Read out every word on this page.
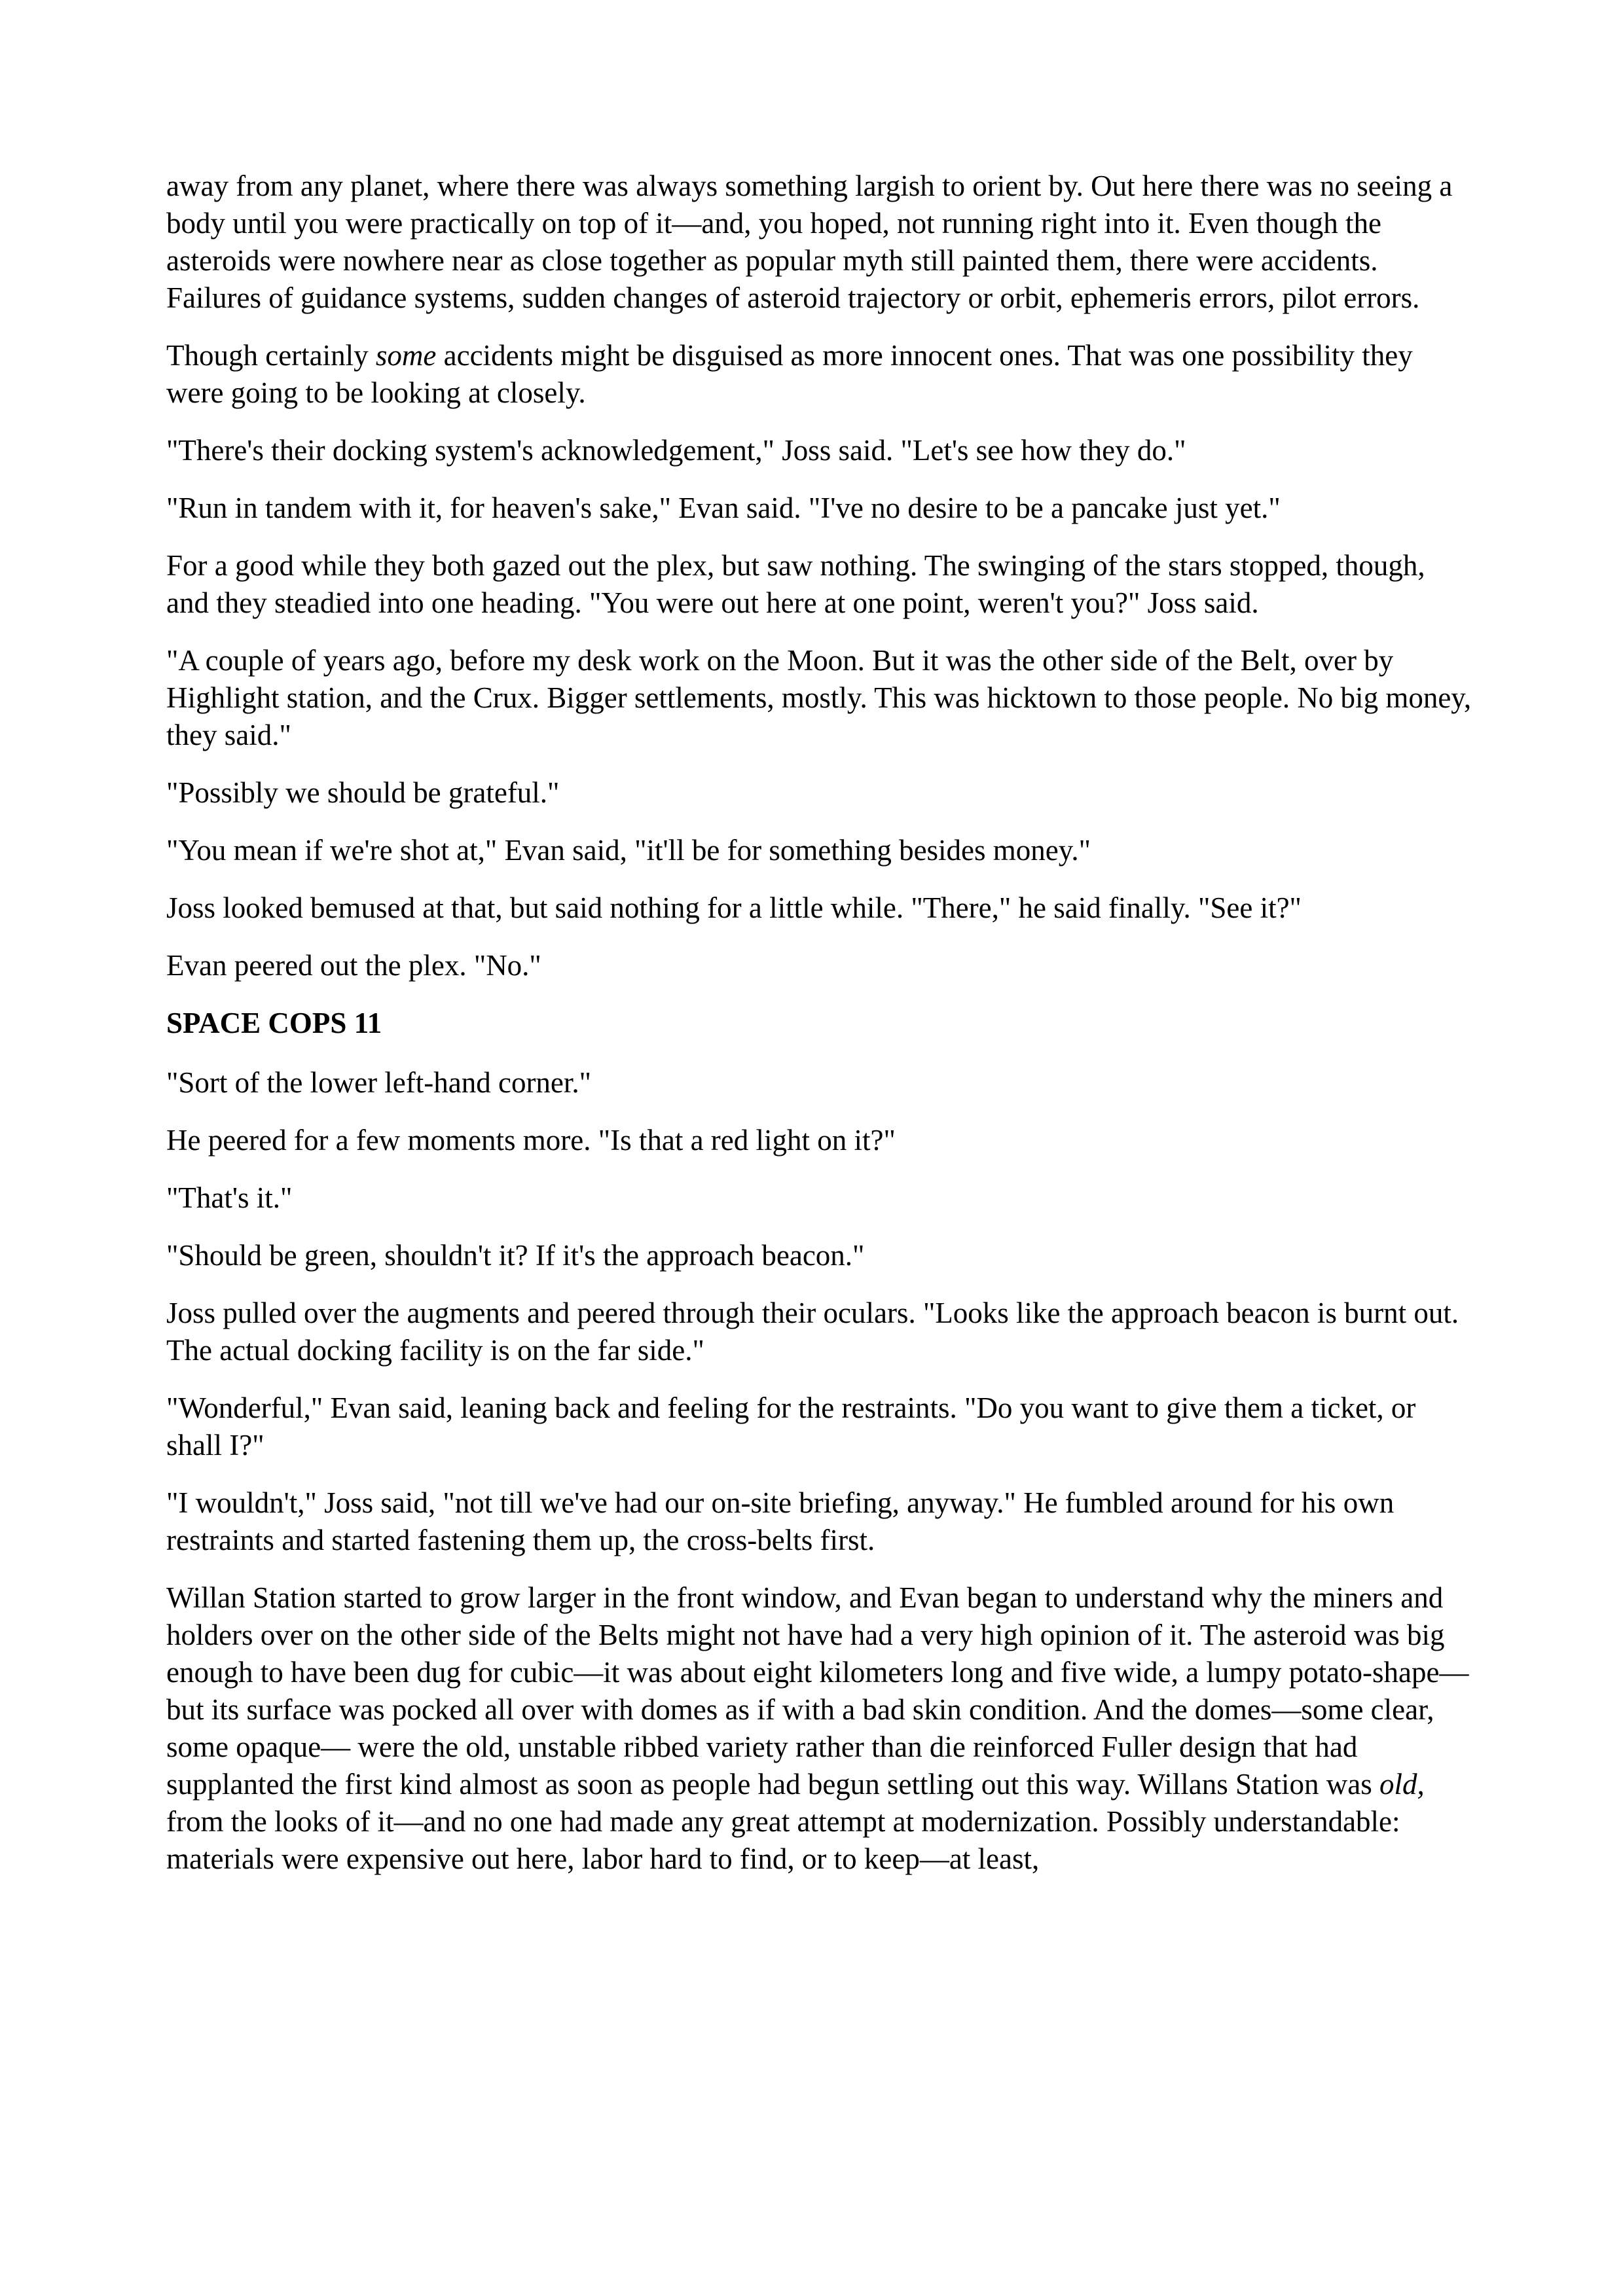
away from any planet, where there was always something largish to orient by. Out here there was no seeing a body until you were practically on top of it—and, you hoped, not running right into it. Even though the asteroids were nowhere near as close together as popular myth still painted them, there were accidents. Failures of guidance systems, sudden changes of asteroid trajectory or orbit, ephemeris errors, pilot errors.

Though certainly some accidents might be disguised as more innocent ones. That was one possibility they were going to be looking at closely.

"There's their docking system's acknowledgement," Joss said. "Let's see how they do."

"Run in tandem with it, for heaven's sake," Evan said. "I've no desire to be a pancake just yet."

For a good while they both gazed out the plex, but saw nothing. The swinging of the stars stopped, though, and they steadied into one heading. "You were out here at one point, weren't you?" Joss said.

"A couple of years ago, before my desk work on the Moon. But it was the other side of the Belt, over by Highlight station, and the Crux. Bigger settlements, mostly. This was hicktown to those people. No big money, they said."

"Possibly we should be grateful."

"You mean if we're shot at," Evan said, "it'll be for something besides money."

Joss looked bemused at that, but said nothing for a little while. "There," he said finally. "See it?"

Evan peered out the plex. "No."

SPACE COPS 11

"Sort of the lower left-hand corner."

He peered for a few moments more. "Is that a red light on it?"

"That's it."

"Should be green, shouldn't it? If it's the approach beacon."

Joss pulled over the augments and peered through their oculars. "Looks like the approach beacon is burnt out. The actual docking facility is on the far side."

"Wonderful," Evan said, leaning back and feeling for the restraints. "Do you want to give them a ticket, or shall I?"

"I wouldn't," Joss said, "not till we've had our on-site briefing, anyway." He fumbled around for his own restraints and started fastening them up, the cross-belts first.

Willan Station started to grow larger in the front window, and Evan began to understand why the miners and holders over on the other side of the Belts might not have had a very high opinion of it. The asteroid was big enough to have been dug for cubic—it was about eight kilometers long and five wide, a lumpy potato-shape—but its surface was pocked all over with domes as if with a bad skin condition. And the domes—some clear, some opaque— were the old, unstable ribbed variety rather than die reinforced Fuller design that had supplanted the first kind almost as soon as people had begun settling out this way. Willans Station was old, from the looks of it—and no one had made any great attempt at modernization. Possibly understandable: materials were expensive out here, labor hard to find, or to keep—at least,
